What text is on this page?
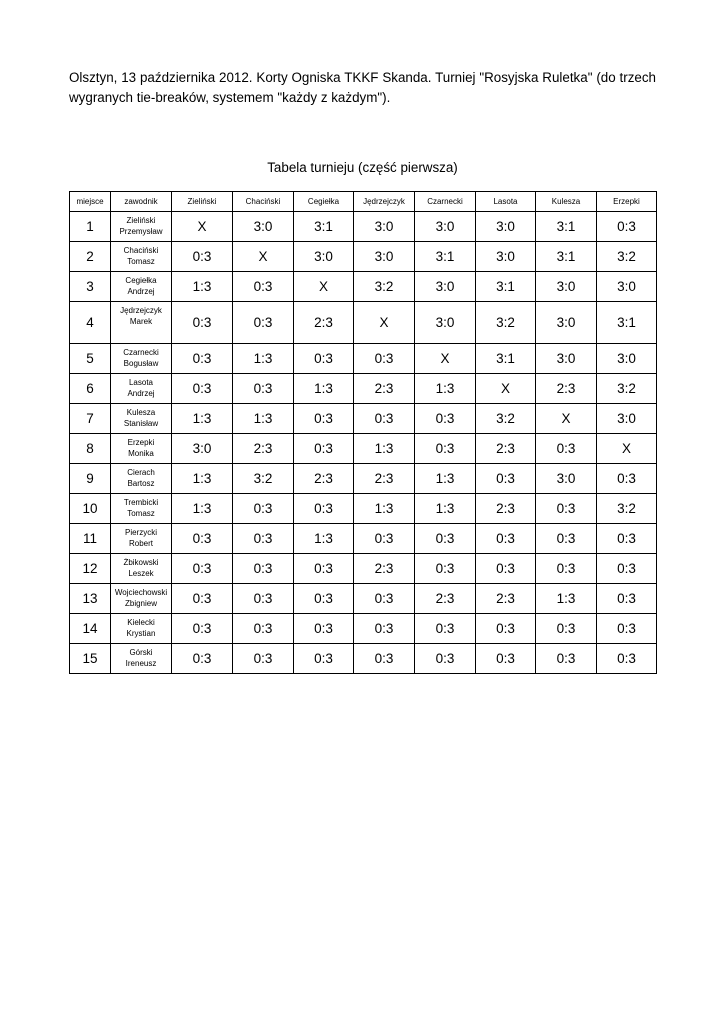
Olsztyn, 13 października 2012. Korty Ogniska TKKF Skanda. Turniej "Rosyjska Ruletka" (do trzech wygranych tie-breaków, systemem "każdy z każdym").

Tabela turnieju (część pierwsza)

miejsce	zawodnik	Zieliński	Chaciński	Cegiełka	Jędrzejczyk	Czarnecki	Lasota	Kulesza	Erzepki
1	Zieliński
Przemysław	X	3:0	3:1	3:0	3:0	3:0	3:1	0:3
2	Chaciński
Tomasz	0:3	X	3:0	3:0	3:1	3:0	3:1	3:2
3	Cegiełka
Andrzej	1:3	0:3	X	3:2	3:0	3:1	3:0	3:0
4	Jędrzejczyk
Marek	0:3	0:3	2:3	X	3:0	3:2	3:0	3:1
5	Czarnecki
Bogusław	0:3	1:3	0:3	0:3	X	3:1	3:0	3:0
6	Lasota
Andrzej	0:3	0:3	1:3	2:3	1:3	X	2:3	3:2
7	Kulesza
Stanisław	1:3	1:3	0:3	0:3	0:3	3:2	X	3:0
8	Erzepki
Monika	3:0	2:3	0:3	1:3	0:3	2:3	0:3	X
9	Cierach
Bartosz	1:3	3:2	2:3	2:3	1:3	0:3	3:0	0:3
10	Trembicki
Tomasz	1:3	0:3	0:3	1:3	1:3	2:3	0:3	3:2
11	Pierzycki
Robert	0:3	0:3	1:3	0:3	0:3	0:3	0:3	0:3
12	Żbikowski
Leszek	0:3	0:3	0:3	2:3	0:3	0:3	0:3	0:3
13	Wojciechowski
Zbigniew	0:3	0:3	0:3	0:3	2:3	2:3	1:3	0:3
14	Kielecki
Krystian	0:3	0:3	0:3	0:3	0:3	0:3	0:3	0:3
15	Górski
Ireneusz	0:3	0:3	0:3	0:3	0:3	0:3	0:3	0:3
